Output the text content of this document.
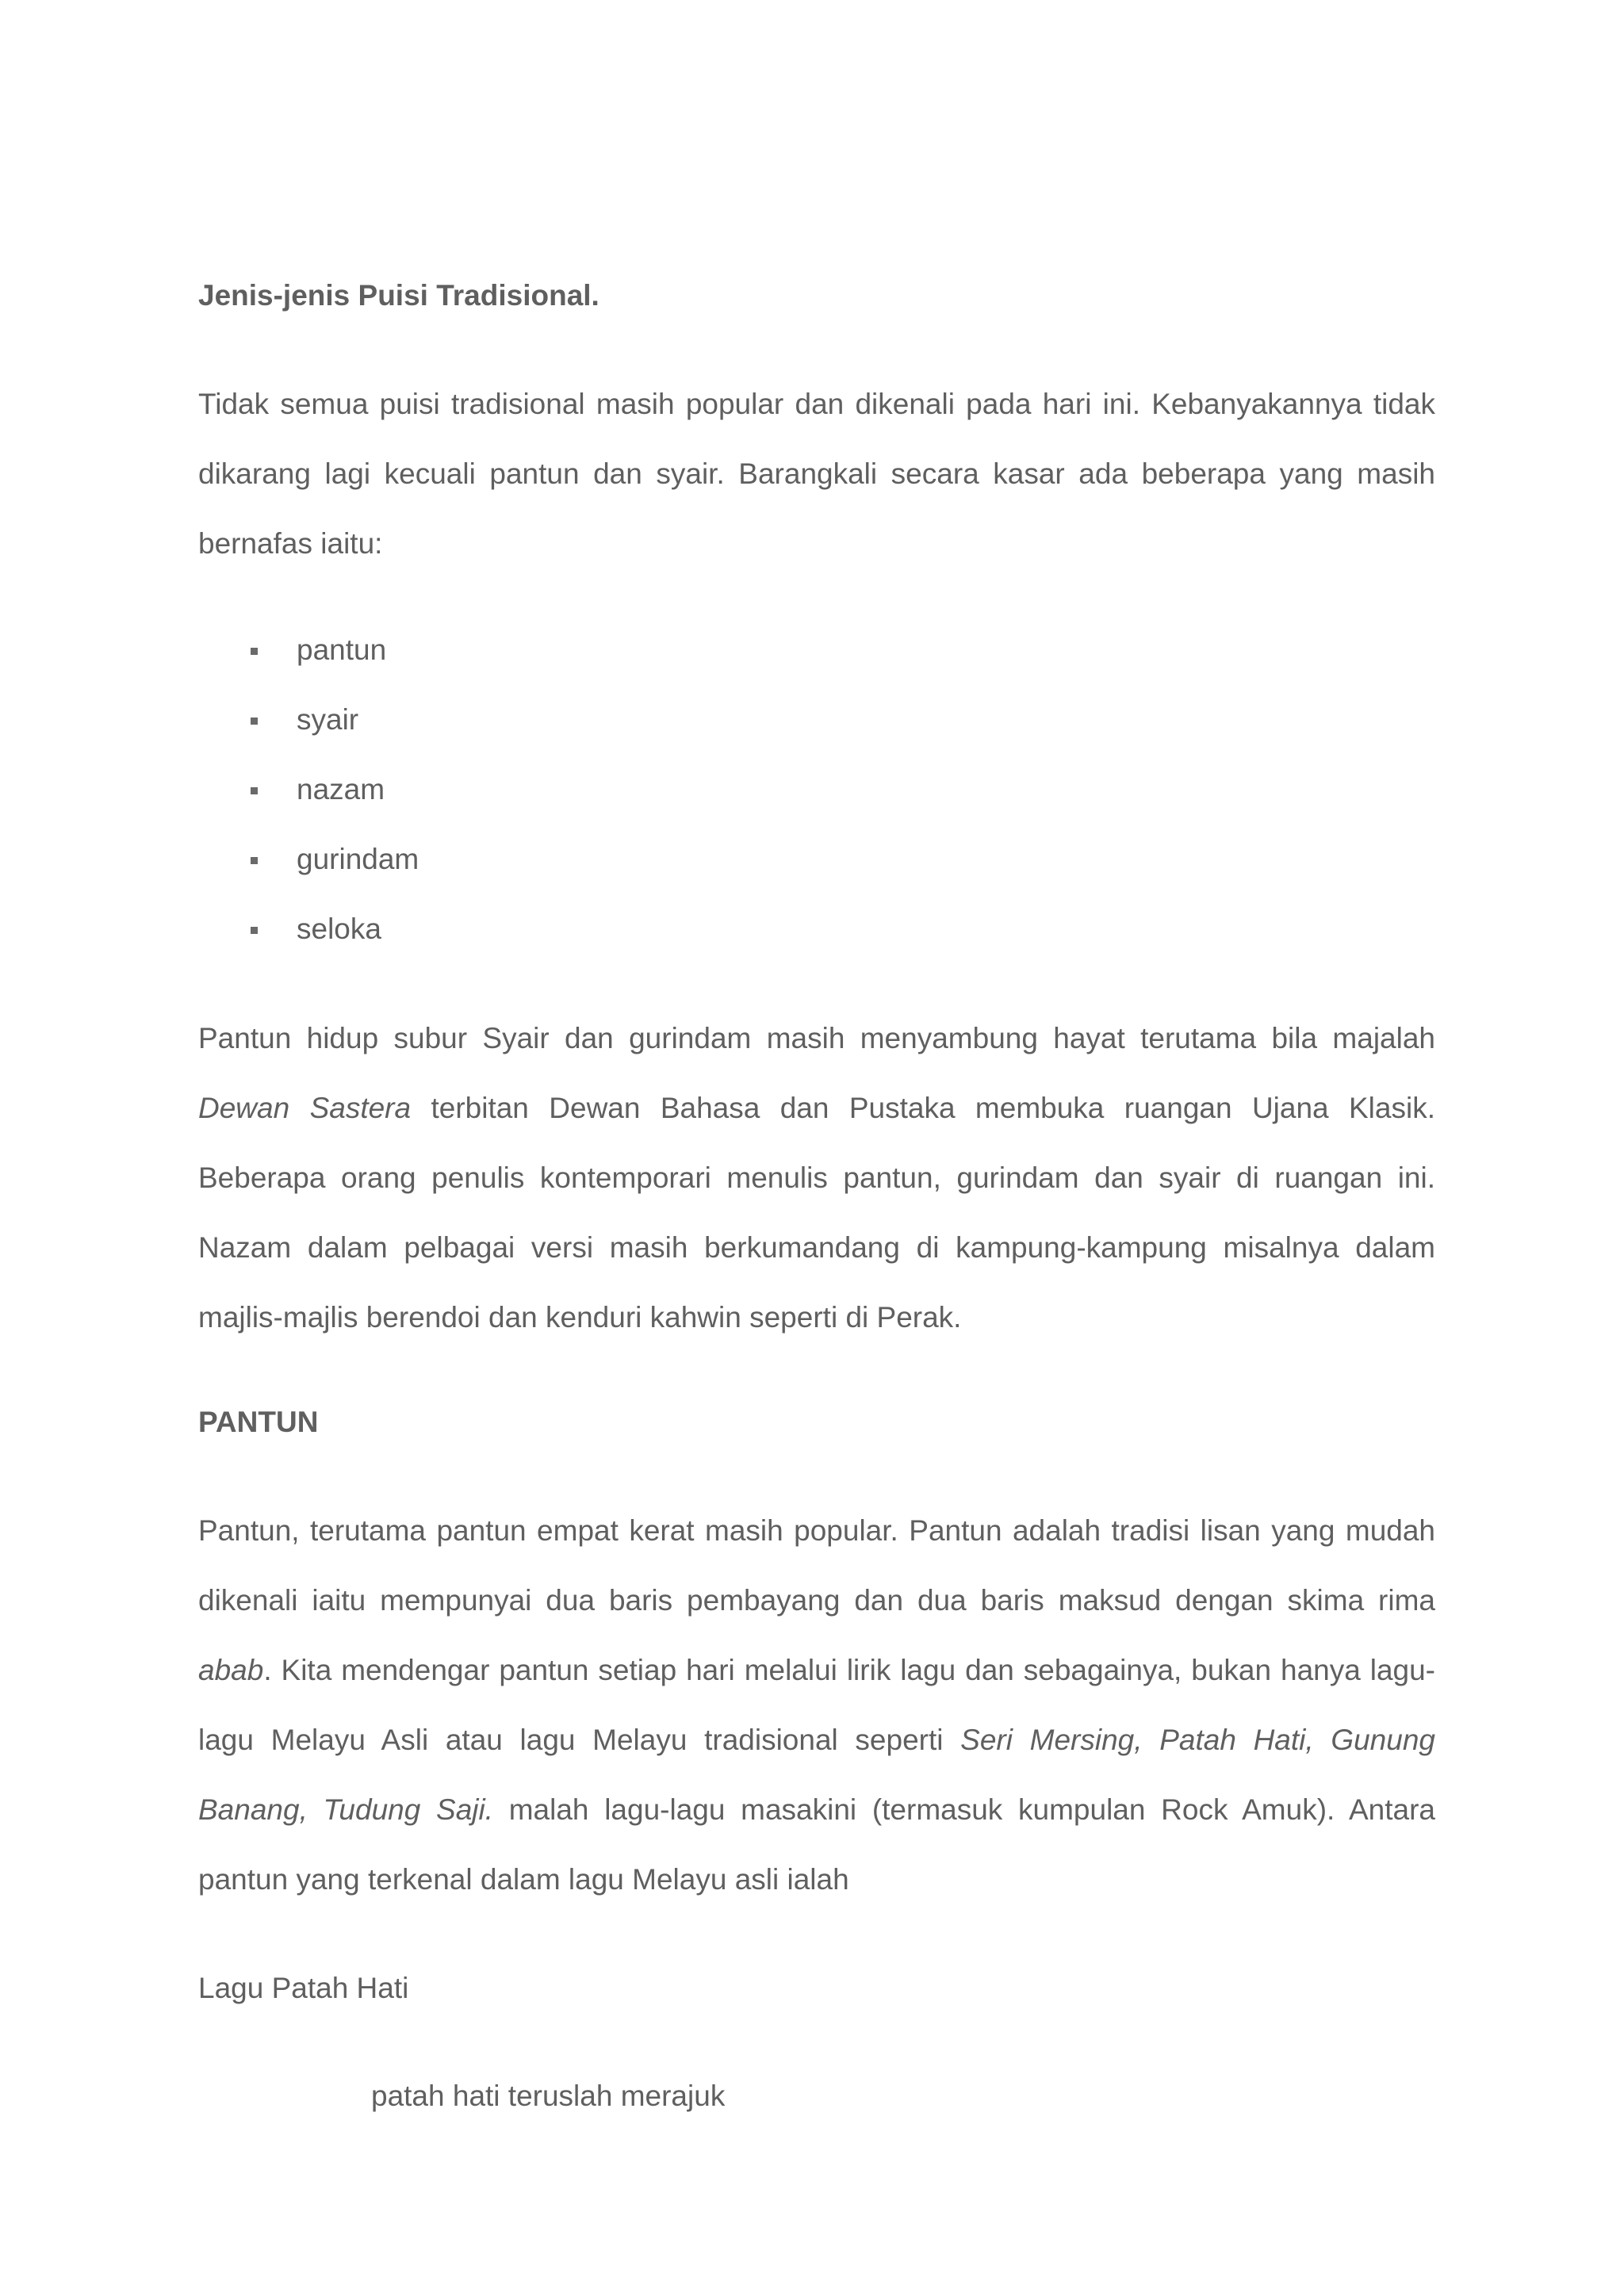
Jenis-jenis Puisi Tradisional.

Tidak semua puisi tradisional masih popular dan dikenali pada hari ini. Kebanyakannya tidak dikarang lagi kecuali pantun dan syair. Barangkali secara kasar ada beberapa yang masih bernafas iaitu:

pantun
syair
nazam
gurindam
seloka

Pantun hidup subur Syair dan gurindam masih menyambung hayat terutama bila majalah Dewan Sastera terbitan Dewan Bahasa dan Pustaka membuka ruangan Ujana Klasik. Beberapa orang penulis kontemporari menulis pantun, gurindam dan syair di ruangan ini. Nazam dalam pelbagai versi masih berkumandang di kampung-kampung misalnya dalam majlis-majlis berendoi dan kenduri kahwin seperti di Perak.

PANTUN

Pantun, terutama pantun empat kerat masih popular. Pantun adalah tradisi lisan yang mudah dikenali iaitu mempunyai dua baris pembayang dan dua baris maksud dengan skima rima abab. Kita mendengar pantun setiap hari melalui lirik lagu dan sebagainya, bukan hanya lagu-lagu Melayu Asli atau lagu Melayu tradisional seperti Seri Mersing, Patah Hati, Gunung Banang, Tudung Saji. malah lagu-lagu masakini (termasuk kumpulan Rock Amuk). Antara pantun yang terkenal dalam lagu Melayu asli ialah

Lagu Patah Hati

patah hati teruslah merajuk
